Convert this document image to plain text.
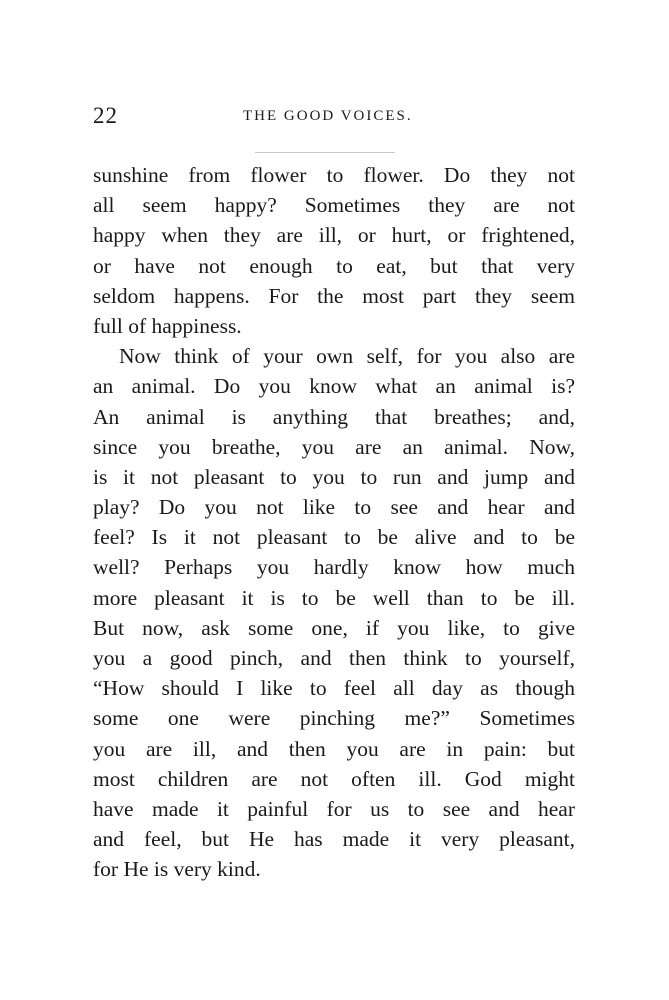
22	THE GOOD VOICES.
sunshine from flower to flower. Do they not
all seem happy? Sometimes they are not
happy when they are ill, or hurt, or frightened,
or have not enough to eat, but that very
seldom happens. For the most part they seem
full of happiness.
Now think of your own self, for you also are
an animal. Do you know what an animal is?
An animal is anything that breathes; and,
since you breathe, you are an animal. Now,
is it not pleasant to you to run and jump and
play? Do you not like to see and hear and
feel? Is it not pleasant to be alive and to be
well? Perhaps you hardly know how much
more pleasant it is to be well than to be ill.
But now, ask some one, if you like, to give
you a good pinch, and then think to yourself,
“How should I like to feel all day as though
some one were pinching me?” Sometimes
you are ill, and then you are in pain: but
most children are not often ill. God might
have made it painful for us to see and hear
and feel, but He has made it very pleasant,
for He is very kind.
